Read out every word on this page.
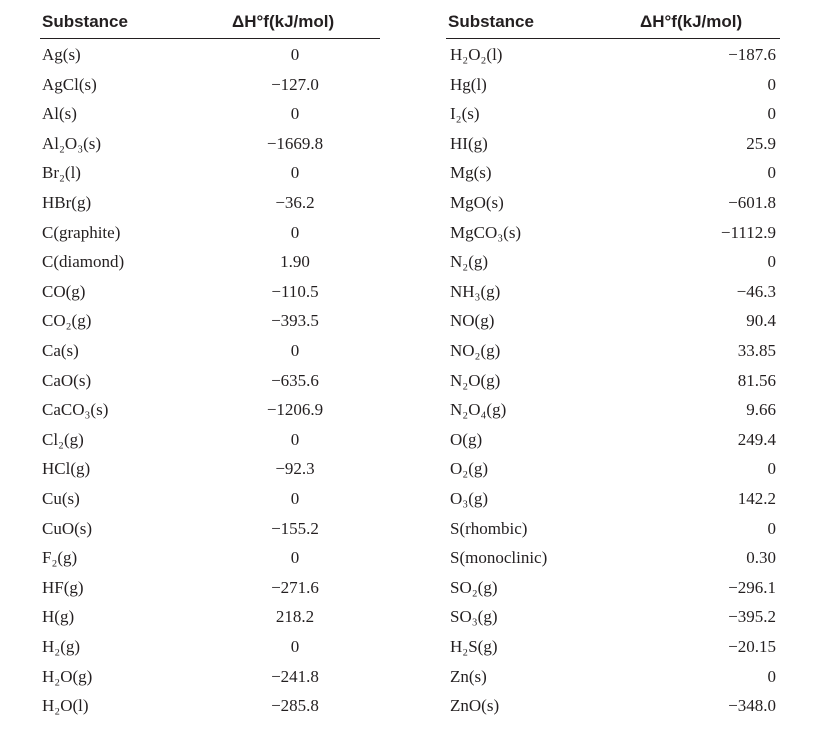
Substance	ΔH°f(kJ/mol)	Substance	ΔH°f(kJ/mol)
Ag(s)	0	H₂O₂(l)	−187.6
AgCl(s)	−127.0	Hg(l)	0
Al(s)	0	I₂(s)	0
Al₂O₃(s)	−1669.8	HI(g)	25.9
Br₂(l)	0	Mg(s)	0
HBr(g)	−36.2	MgO(s)	−601.8
C(graphite)	0	MgCO₃(s)	−1112.9
C(diamond)	1.90	N₂(g)	0
CO(g)	−110.5	NH₃(g)	−46.3
CO₂(g)	−393.5	NO(g)	90.4
Ca(s)	0	NO₂(g)	33.85
CaO(s)	−635.6	N₂O(g)	81.56
CaCO₃(s)	−1206.9	N₂O₄(g)	9.66
Cl₂(g)	0	O(g)	249.4
HCl(g)	−92.3	O₂(g)	0
Cu(s)	0	O₃(g)	142.2
CuO(s)	−155.2	S(rhombic)	0
F₂(g)	0	S(monoclinic)	0.30
HF(g)	−271.6	SO₂(g)	−296.1
H(g)	218.2	SO₃(g)	−395.2
H₂(g)	0	H₂S(g)	−20.15
H₂O(g)	−241.8	Zn(s)	0
H₂O(l)	−285.8	ZnO(s)	−348.0
